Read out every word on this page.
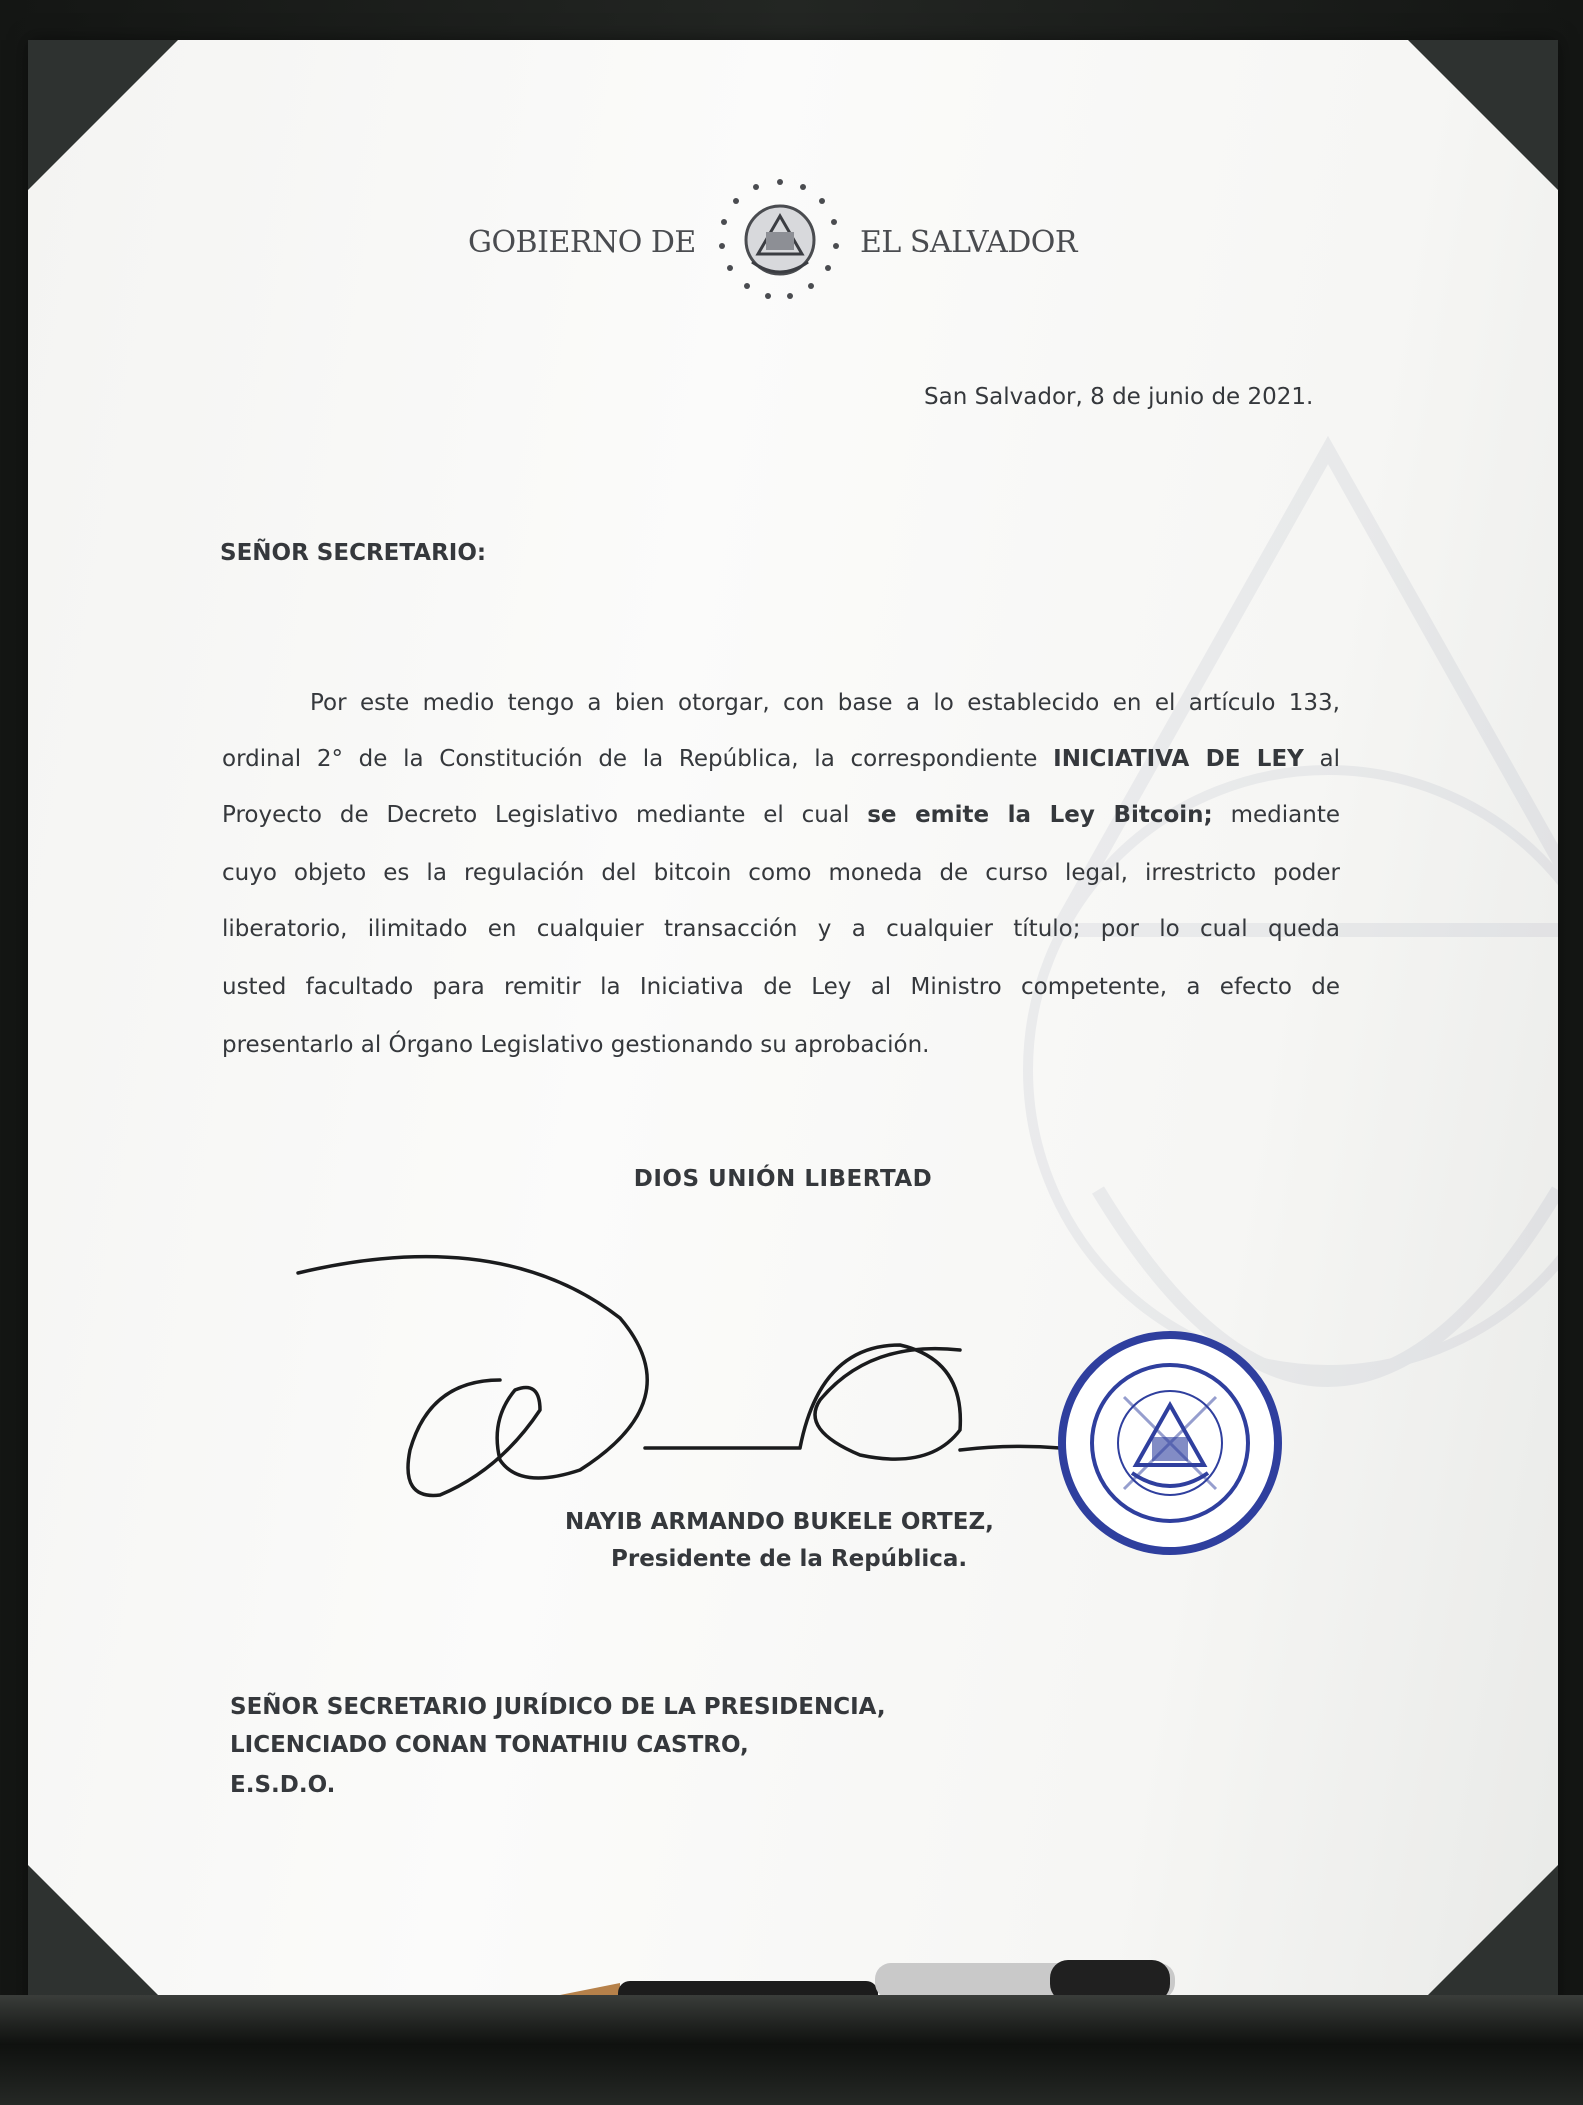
GOBIERNO DE	EL SALVADOR
San Salvador, 8 de junio de 2021.
SEÑOR SECRETARIO:
Por este medio tengo a bien otorgar, con base a lo establecido en el artículo 133,
ordinal 2° de la Constitución de la República, la correspondiente INICIATIVA DE LEY al
Proyecto de Decreto Legislativo mediante el cual se emite la Ley Bitcoin; mediante
cuyo objeto es la regulación del bitcoin como moneda de curso legal, irrestricto poder
liberatorio, ilimitado en cualquier transacción y a cualquier título; por lo cual queda
usted facultado para remitir la Iniciativa de Ley al Ministro competente, a efecto de
presentarlo al Órgano Legislativo gestionando su aprobación.
DIOS UNIÓN LIBERTAD
NAYIB ARMANDO BUKELE ORTEZ,
Presidente de la República.
SEÑOR SECRETARIO JURÍDICO DE LA PRESIDENCIA,
LICENCIADO CONAN TONATHIU CASTRO,
E.S.D.O.
